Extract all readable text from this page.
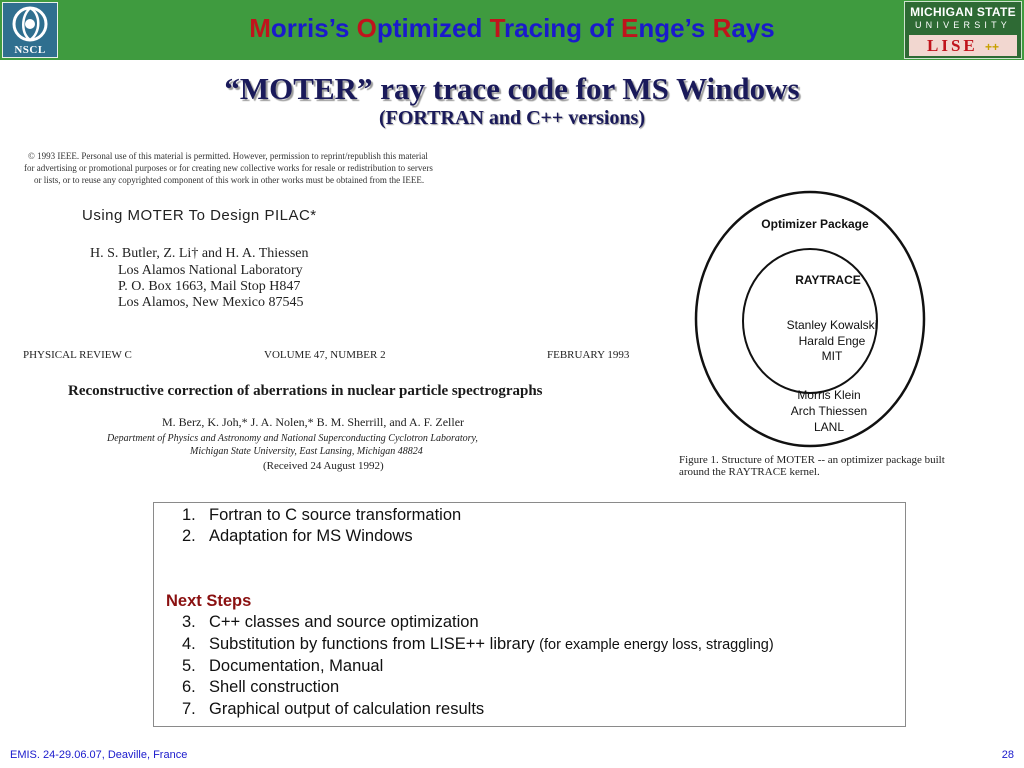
NSCL
Morris’s Optimized Tracing of Enge’s Rays
MICHIGAN STATE
UNIVERSITY
LISE ++
“MOTER” ray trace code for MS Windows
(FORTRAN and C++ versions)
© 1993 IEEE. Personal use of this material is permitted. However, permission to reprint/republish this material
for advertising or promotional purposes or for creating new collective works for resale or redistribution to servers
or lists, or to reuse any copyrighted component of this work in other works must be obtained from the IEEE.
Using MOTER To Design PILAC*
H. S. Butler, Z. Li† and H. A. Thiessen
Los Alamos National Laboratory
P. O. Box 1663, Mail Stop H847
Los Alamos, New Mexico 87545
PHYSICAL REVIEW C	VOLUME 47, NUMBER 2	FEBRUARY 1993
Reconstructive correction of aberrations in nuclear particle spectrographs
M. Berz, K. Joh,* J. A. Nolen,* B. M. Sherrill, and A. F. Zeller
Department of Physics and Astronomy and National Superconducting Cyclotron Laboratory,
Michigan State University, East Lansing, Michigan 48824
(Received 24 August 1992)
Optimizer Package
RAYTRACE
Stanley Kowalski
Harald Enge
MIT
Morris Klein
Arch Thiessen
LANL
Figure 1. Structure of MOTER -- an optimizer package built
around the RAYTRACE kernel.
1. Fortran to C source transformation
2. Adaptation for MS Windows
Next Steps
3. C++ classes and source optimization
4. Substitution by functions from LISE++ library (for example energy loss, straggling)
5. Documentation, Manual
6. Shell construction
7. Graphical output of calculation results
EMIS. 24-29.06.07, Deaville, France	28
